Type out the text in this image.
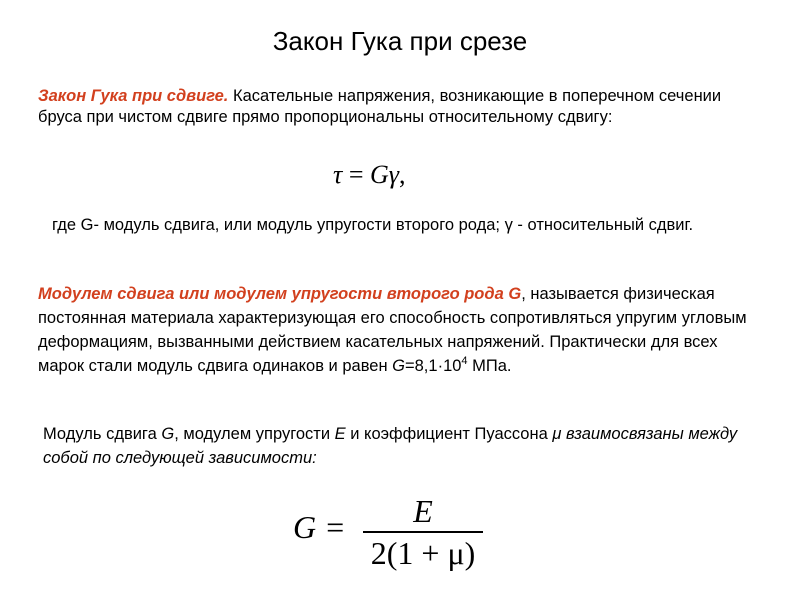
Закон Гука при срезе
Закон Гука при сдвиге. Касательные напряжения, возникающие в поперечном сечении бруса при чистом сдвиге прямо пропорциональны относительному сдвигу:
τ = Gγ,
где G- модуль сдвига, или модуль упругости второго рода; γ - относительный сдвиг.
Модулем сдвига или модулем упругости второго рода G, называется физическая постоянная материала характеризующая его способность сопротивляться упругим угловым деформациям, вызванными действием касательных напряжений. Практически для всех марок стали модуль сдвига одинаков и равен $G=8,1\cdot 10^4$ МПа.
Модуль сдвига G, модулем упругости E и коэффициент Пуассона μ взаимосвязаны между собой по следующей зависимости:
G =	E
2(1 + μ)
